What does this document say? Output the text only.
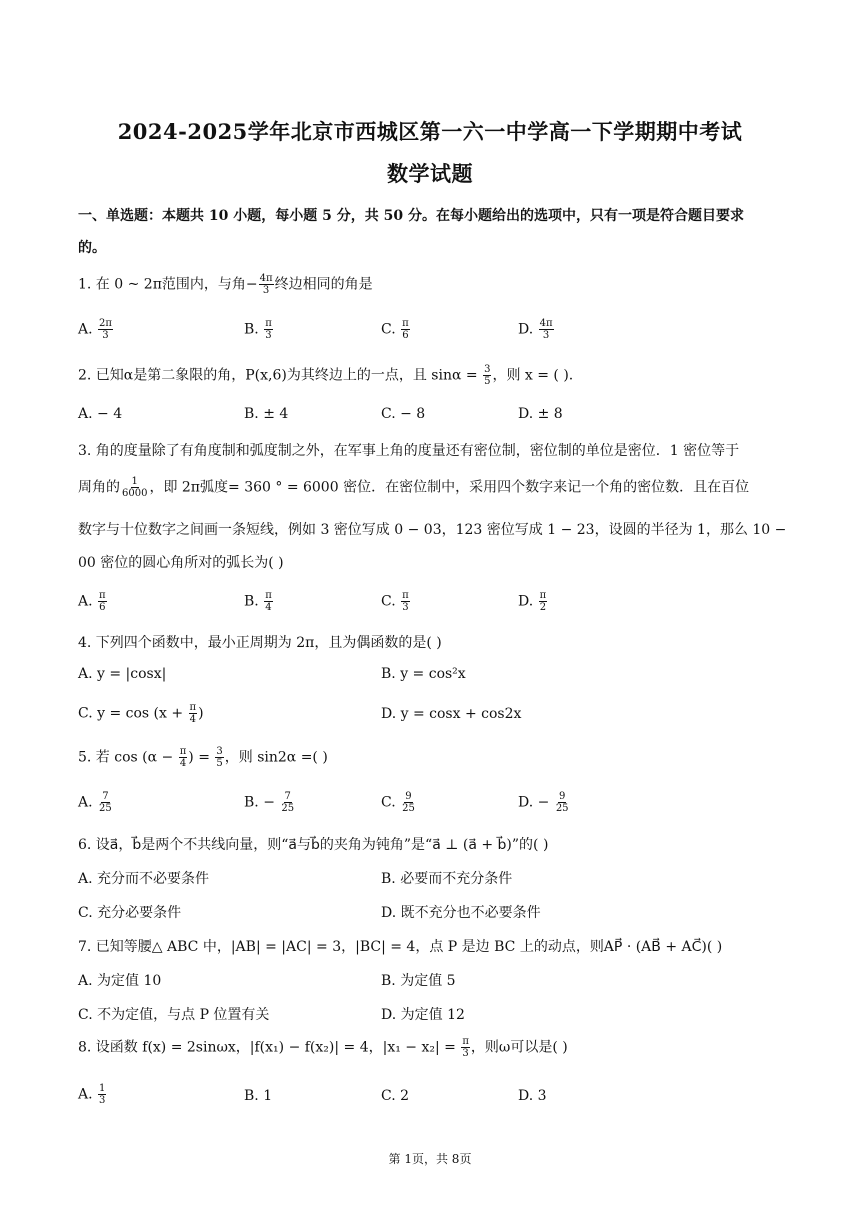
2024-2025学年北京市西城区第一六一中学高一下学期期中考试
数学试题
一、单选题：本题共 10 小题，每小题 5 分，共 50 分。在每小题给出的选项中，只有一项是符合题目要求
的。
1. 在 0 ~ 2π范围内，与角− $\frac{4\pi}{3}$ 终边相同的角是
A. $\frac{2\pi}{3}$	B. $\frac{\pi}{3}$	C. $\frac{\pi}{6}$	D. $\frac{4\pi}{3}$
2. 已知α是第二象限的角，P(x,6)为其终边上的一点，且 $\sin\alpha = \frac{3}{5}$ ，则 x = ( ).
A. − 4	B. ± 4	C. − 8	D. ± 8
3. 角的度量除了有角度制和弧度制之外，在军事上角的度量还有密位制，密位制的单位是密位．1 密位等于
周角的 $\frac{1}{6000}$ ，即 2π弧度= 360 ° = 6000 密位．在密位制中，采用四个数字来记一个角的密位数．且在百位
数字与十位数字之间画一条短线，例如 3 密位写成 0 − 03，123 密位写成 1 − 23，设圆的半径为 1，那么 10 −
00 密位的圆心角所对的弧长为( )
A. $\frac{\pi}{6}$	B. $\frac{\pi}{4}$	C. $\frac{\pi}{3}$	D. $\frac{\pi}{2}$
4. 下列四个函数中，最小正周期为 2π，且为偶函数的是( )
A. y = |cosx|	B. y = cos²x
C. $y = \cos (x + \frac{\pi}{4}$ )	D. y = cosx + cos2x
5. 若 $\cos (\alpha - \frac{\pi}{4}$ ) = $\frac{3}{5}$ ，则 sin2α =( )
A. $\frac{7}{25}$	B. − $\frac{7}{25}$	C. $\frac{9}{25}$	D. − $\frac{9}{25}$
6. 设a⃗，b⃗是两个不共线向量，则“a⃗与b⃗的夹角为钝角”是“a⃗ ⊥ (a⃗ + b⃗)”的( )
A. 充分而不必要条件	B. 必要而不充分条件
C. 充分必要条件	D. 既不充分也不必要条件
7. 已知等腰△ ABC 中，|AB| = |AC| = 3，|BC| = 4，点 P 是边 BC 上的动点，则AP⃗ · (AB⃗ + AC⃗)( )
A. 为定值 10	B. 为定值 5
C. 不为定值，与点 P 位置有关	D. 为定值 12
8. 设函数 f(x) = 2sinωx，|f(x₁) − f(x₂)| = 4，$|x_1 - x_2| = \frac{\pi}{3}$ ，则ω可以是( )
A. $\frac{1}{3}$	B. 1	C. 2	D. 3
第 1页，共 8页
